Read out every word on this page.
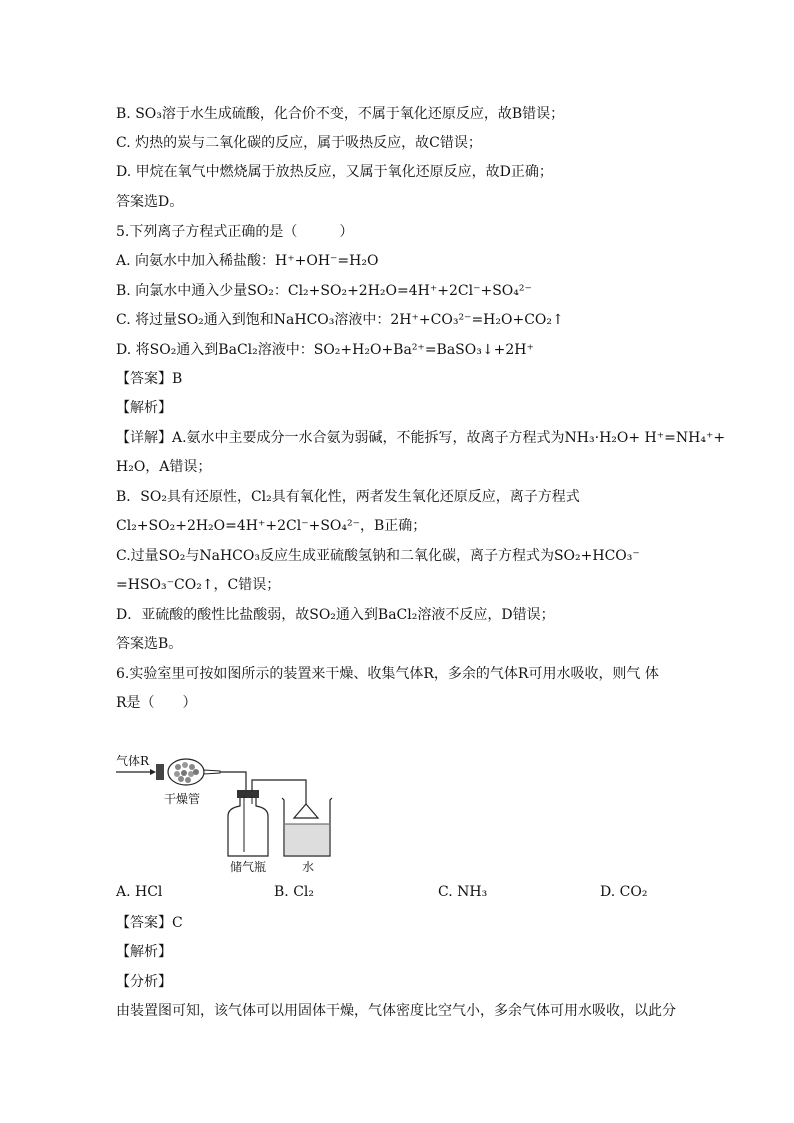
B. SO₃溶于水生成硫酸，化合价不变，不属于氧化还原反应，故B错误；
C. 灼热的炭与二氧化碳的反应，属于吸热反应，故C错误；
D. 甲烷在氧气中燃烧属于放热反应，又属于氧化还原反应，故D正确；
答案选D。
5.下列离子方程式正确的是（　　　）
A. 向氨水中加入稀盐酸：H⁺+OH⁻=H₂O
B. 向氯水中通入少量SO₂：Cl₂+SO₂+2H₂O=4H⁺+2Cl⁻+SO₄²⁻
C. 将过量SO₂通入到饱和NaHCO₃溶液中：2H⁺+CO₃²⁻=H₂O+CO₂↑
D. 将SO₂通入到BaCl₂溶液中：SO₂+H₂O+Ba²⁺=BaSO₃↓+2H⁺
【答案】B
【解析】
【详解】A.氨水中主要成分一水合氨为弱碱，不能拆写，故离子方程式为NH₃·H₂O+ H⁺=NH₄⁺+
H₂O，A错误；
B．SO₂具有还原性，Cl₂具有氧化性，两者发生氧化还原反应，离子方程式
Cl₂+SO₂+2H₂O=4H⁺+2Cl⁻+SO₄²⁻，B正确；
C.过量SO₂与NaHCO₃反应生成亚硫酸氢钠和二氧化碳，离子方程式为SO₂+HCO₃⁻
=HSO₃⁻CO₂↑，C错误；
D．亚硫酸的酸性比盐酸弱，故SO₂通入到BaCl₂溶液不反应，D错误；
答案选B。
6.实验室里可按如图所示的装置来干燥、收集气体R，多余的气体R可用水吸收，则气 体
R是（　　）
气体R
干燥管
储气瓶	水
A. HCl	B. Cl₂	C. NH₃	D. CO₂
【答案】C
【解析】
【分析】
由装置图可知，该气体可以用固体干燥，气体密度比空气小，多余气体可用水吸收，以此分
